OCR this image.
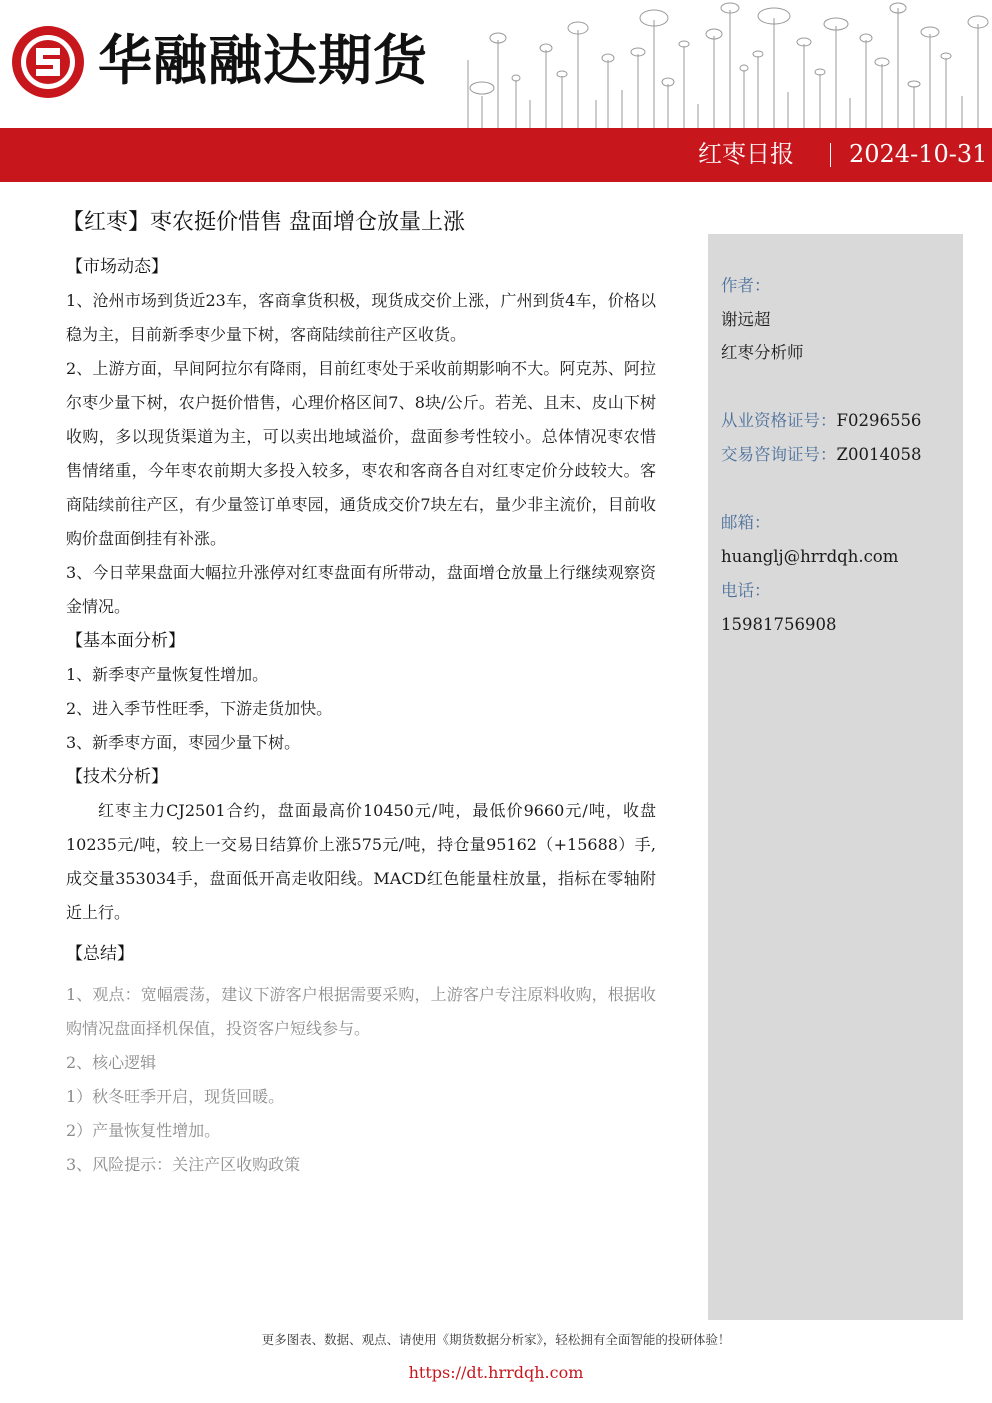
华融融达期货
红枣日报 2024-10-31
【红枣】枣农挺价惜售 盘面增仓放量上涨
【市场动态】
1、沧州市场到货近23车，客商拿货积极，现货成交价上涨，广州到货4车，价格以稳为主，目前新季枣少量下树，客商陆续前往产区收货。
2、上游方面，早间阿拉尔有降雨，目前红枣处于采收前期影响不大。阿克苏、阿拉尔枣少量下树，农户挺价惜售，心理价格区间7、8块/公斤。若羌、且末、皮山下树收购，多以现货渠道为主，可以卖出地域溢价，盘面参考性较小。总体情况枣农惜售情绪重，今年枣农前期大多投入较多，枣农和客商各自对红枣定价分歧较大。客商陆续前往产区，有少量签订单枣园，通货成交价7块左右，量少非主流价，目前收购价盘面倒挂有补涨。
3、今日苹果盘面大幅拉升涨停对红枣盘面有所带动，盘面增仓放量上行继续观察资金情况。
【基本面分析】
1、新季枣产量恢复性增加。
2、进入季节性旺季，下游走货加快。
3、新季枣方面，枣园少量下树。
【技术分析】
红枣主力CJ2501合约，盘面最高价10450元/吨，最低价9660元/吨，收盘10235元/吨，较上一交易日结算价上涨575元/吨，持仓量95162（+15688）手,成交量353034手，盘面低开高走收阳线。MACD红色能量柱放量，指标在零轴附近上行。
【总结】
1、观点：宽幅震荡，建议下游客户根据需要采购，上游客户专注原料收购，根据收购情况盘面择机保值，投资客户短线参与。
2、核心逻辑
1）秋冬旺季开启，现货回暖。
2）产量恢复性增加。
3、风险提示：关注产区收购政策
作者：
谢远超
红枣分析师
从业资格证号：F0296556
交易咨询证号：Z0014058
邮箱：
huanglj@hrrdqh.com
电话：
15981756908
更多图表、数据、观点、请使用《期货数据分析家》，轻松拥有全面智能的投研体验！
https://dt.hrrdqh.com
